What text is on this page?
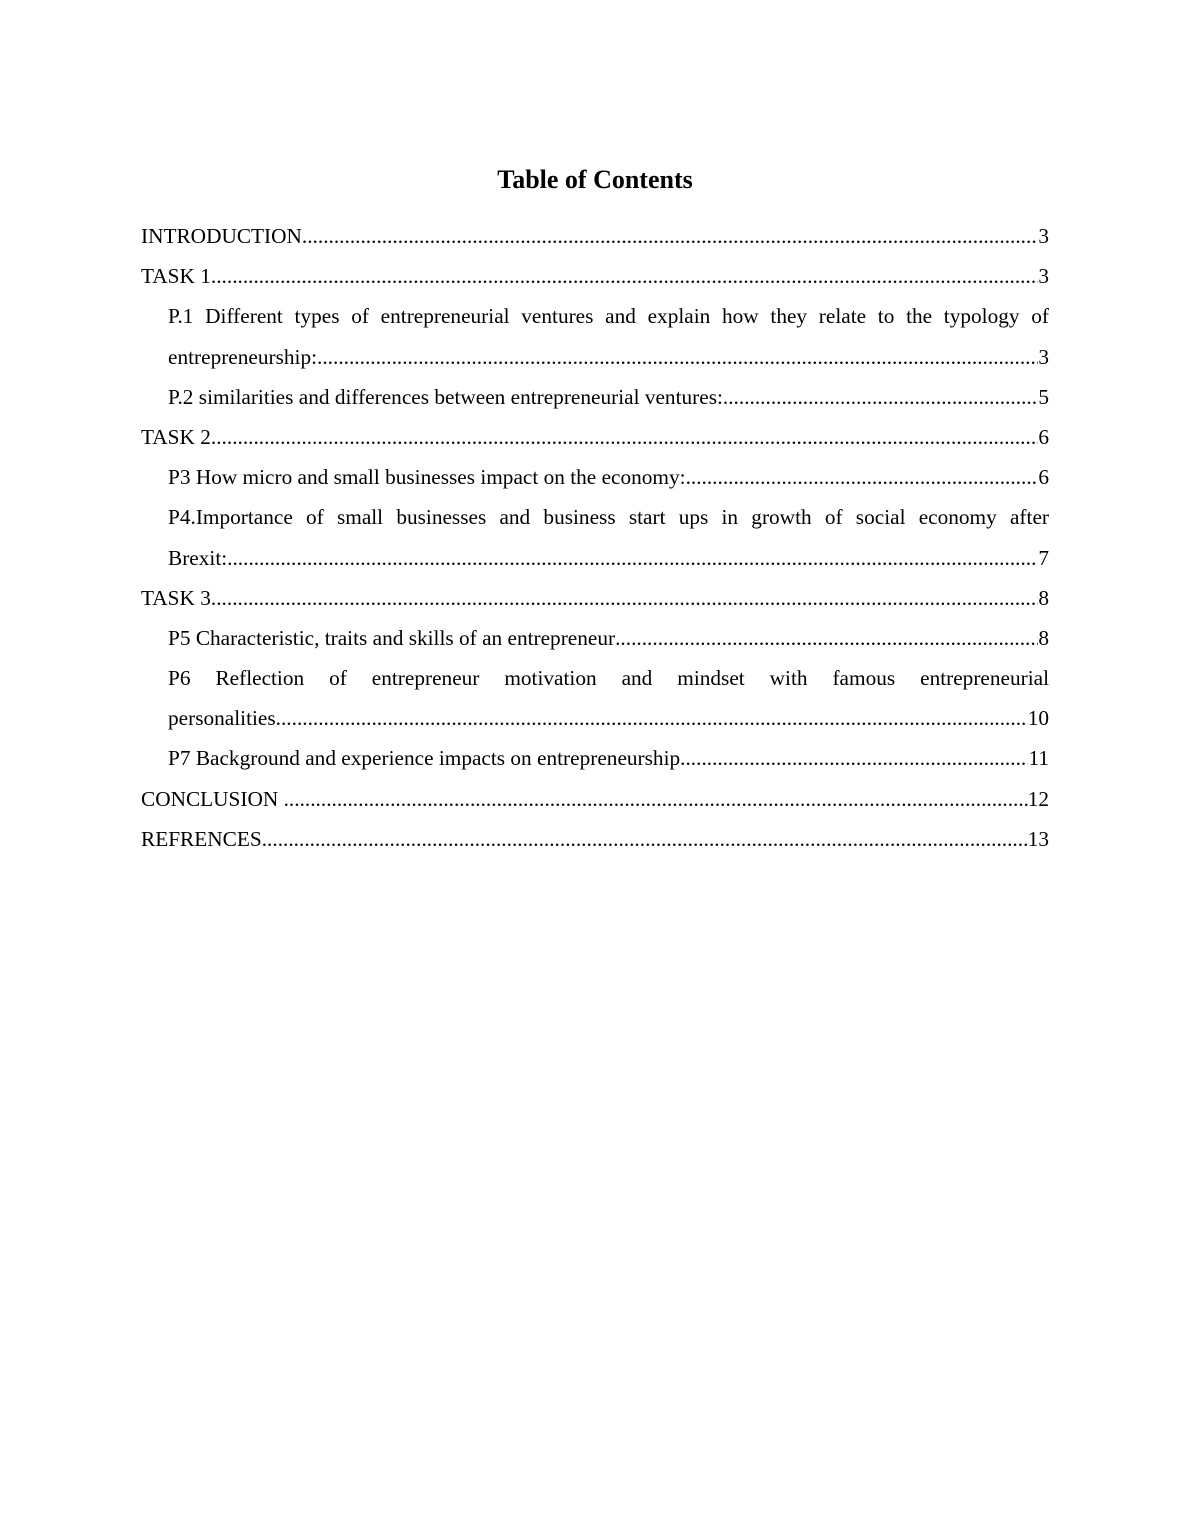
Table of Contents
INTRODUCTION .....	3
TASK 1 .....	3
P.1 Different types of entrepreneurial ventures and explain how they relate to the typology of
entrepreneurship: .....	3
P.2 similarities and differences between entrepreneurial ventures: .....	5
TASK 2 .....	6
P3 How micro and small businesses impact on the economy: .....	6
P4.Importance of small businesses and business start ups in growth of social economy after
Brexit: .....	7
TASK 3 .....	8
P5 Characteristic, traits and skills of an entrepreneur .....	8
P6 Reflection of entrepreneur motivation and mindset with famous entrepreneurial
personalities .....	10
P7 Background and experience impacts on entrepreneurship .....	11
CONCLUSION .....	12
REFRENCES .....	13
